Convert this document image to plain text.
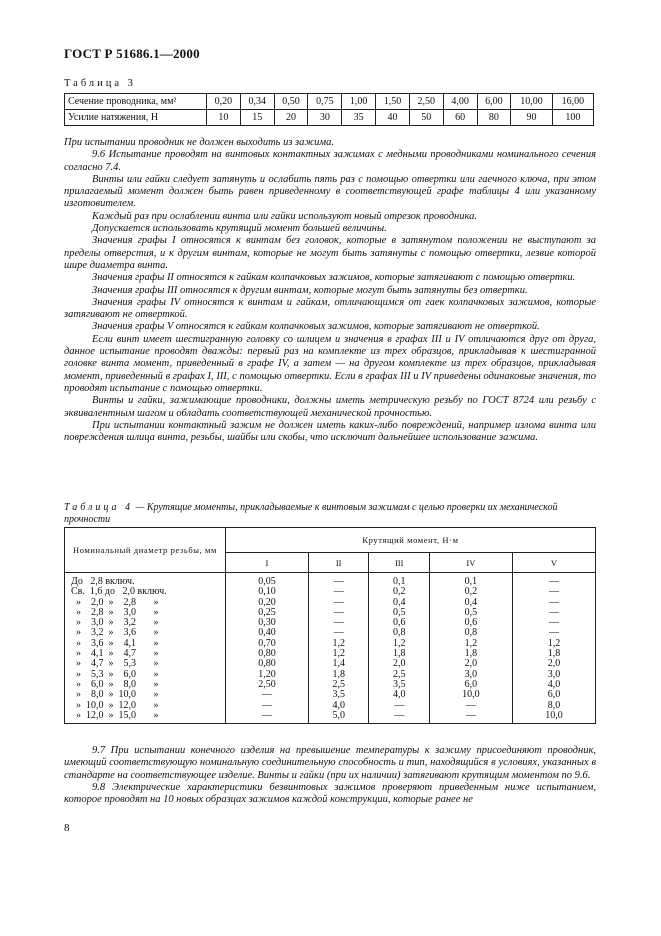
ГОСТ Р 51686.1—2000
Таблица 3
Сечение проводника, мм²	0,20	0,34	0,50	0,75	1,00	1,50	2,50	4,00	6,00	10,00	16,00
Усилие натяжения, Н	10	15	20	30	35	40	50	60	80	90	100

При испытании проводник не должен выходить из зажима.

9.6 Испытание проводят на винтовых контактных зажимах с медными проводниками номинального сечения согласно 7.4.

Винты или гайки следует затянуть и ослабить пять раз с помощью отвертки или гаечного ключа, при этом прилагаемый момент должен быть равен приведенному в соответствующей графе таблицы 4 или указанному изготовителем.

Каждый раз при ослаблении винта или гайки используют новый отрезок проводника.

Допускается использовать крутящий момент большей величины.

Значения графы I относятся к винтам без головок, которые в затянутом положении не выступают за пределы отверстия, и к другим винтам, которые не могут быть затянуты с помощью отвертки, лезвие которой шире диаметра винта.

Значения графы II относятся к гайкам колпачковых зажимов, которые затягивают с помощью отвертки.

Значения графы III относятся к другим винтам, которые могут быть затянуты без отвертки.

Значения графы IV относятся к винтам и гайкам, отличающимся от гаек колпачковых зажимов, которые затягивают не отверткой.

Значения графы V относятся к гайкам колпачковых зажимов, которые затягивают не отверткой.

Если винт имеет шестигранную головку со шлицем и значения в графах III и IV отличаются друг от друга, данное испытание проводят дважды: первый раз на комплекте из трех образцов, прикладывая к шестигранной головке винта момент, приведенный в графе IV, а затем — на другом комплекте из трех образцов, прикладывая момент, приведенный в графах I, III, с помощью отвертки. Если в графах III и IV приведены одинаковые значения, то проводят испытание с помощью отвертки.

Винты и гайки, зажимающие проводники, должны иметь метрическую резьбу по ГОСТ 8724 или резьбу с эквивалентным шагом и обладать соответствующей механической прочностью.

При испытании контактный зажим не должен иметь каких-либо повреждений, например излома винта или повреждения шлица винта, резьбы, шайбы или скобы, что исключит дальнейшее использование зажима.

Таблица 4 — Крутящие моменты, прикладываемые к винтовым зажимам с целью проверки их механической прочности
Номинальный диаметр резьбы, мм	Крутящий момент, Н·м				
	I	II	III	IV	V
До   2,8 включ.	0,05	—	0,1	0,1	—
Св.  1,6 до   2,0 включ.	0,10	—	0,2	0,2	—
»    2,0  »    2,8       »	0,20	—	0,4	0,4	—
»    2,8  »    3,0       »	0,25	—	0,5	0,5	—
»    3,0  »    3,2       »	0,30	—	0,6	0,6	—
»    3,2  »    3,6       »	0,40	—	0,8	0,8	—
»    3,6  »    4,1       »	0,70	1,2	1,2	1,2	1,2
»    4,1  »    4,7       »	0,80	1,2	1,8	1,8	1,8
»    4,7  »    5,3       »	0,80	1,4	2,0	2,0	2,0
»    5,3  »    6,0       »	1,20	1,8	2,5	3,0	3,0
»    6,0  »    8,0       »	2,50	2,5	3,5	6,0	4,0
»    8,0  »  10,0       »	—	3,5	4,0	10,0	6,0
»  10,0  »  12,0       »	—	4,0	—	—	8,0
»  12,0  »  15,0       »	—	5,0	—	—	10,0

9.7 При испытании конечного изделия на превышение температуры к зажиму присоединяют проводник, имеющий соответствующую номинальную соединительную способность и тип, находящийся в условиях, указанных в стандарте на соответствующее изделие. Винты и гайки (при их наличии) затягивают крутящим моментом по 9.6.

9.8 Электрические характеристики безвинтовых зажимов проверяют приведенным ниже испытанием, которое проводят на 10 новых образцах зажимов каждой конструкции, которые ранее не

8
